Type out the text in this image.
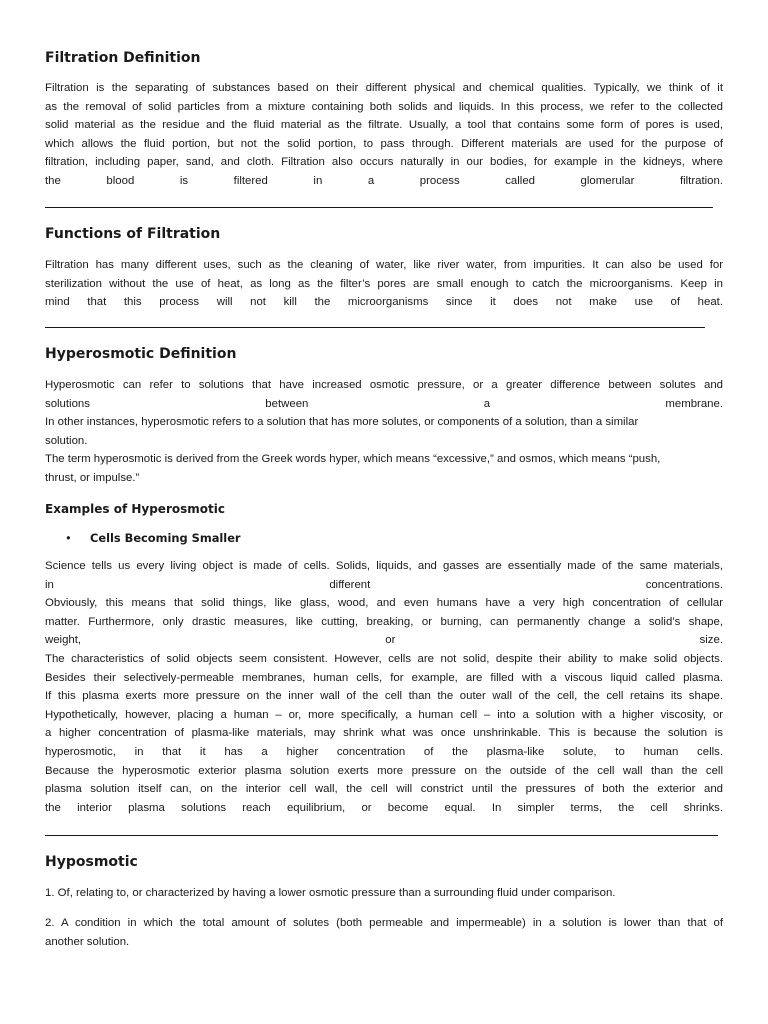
Filtration Definition

Filtration is the separating of substances based on their different physical and chemical qualities. Typically, we think of it

as the removal of solid particles from a mixture containing both solids and liquids. In this process, we refer to the collected

solid material as the residue and the fluid material as the filtrate. Usually, a tool that contains some form of pores is used,

which allows the fluid portion, but not the solid portion, to pass through. Different materials are used for the purpose of

filtration, including paper, sand, and cloth. Filtration also occurs naturally in our bodies, for example in the kidneys, where

the blood is filtered in a process called glomerular filtration.

Functions of Filtration

Filtration has many different uses, such as the cleaning of water, like river water, from impurities. It can also be used for

sterilization without the use of heat, as long as the filter’s pores are small enough to catch the microorganisms. Keep in

mind that this process will not kill the microorganisms since it does not make use of heat.

Hyperosmotic Definition

Hyperosmotic can refer to solutions that have increased osmotic pressure, or a greater difference between solutes and

solutions between a membrane.

In other instances, hyperosmotic refers to a solution that has more solutes, or components of a solution, than a similar

solution.

The term hyperosmotic is derived from the Greek words hyper, which means “excessive,” and osmos, which means “push,

thrust, or impulse.”

Examples of Hyperosmotic

• Cells Becoming Smaller

Science tells us every living object is made of cells. Solids, liquids, and gasses are essentially made of the same materials,

in different concentrations.

Obviously, this means that solid things, like glass, wood, and even humans have a very high concentration of cellular

matter. Furthermore, only drastic measures, like cutting, breaking, or burning, can permanently change a solid’s shape,

weight, or size.

The characteristics of solid objects seem consistent. However, cells are not solid, despite their ability to make solid objects.

Besides their selectively-permeable membranes, human cells, for example, are filled with a viscous liquid called plasma.

If this plasma exerts more pressure on the inner wall of the cell than the outer wall of the cell, the cell retains its shape.

Hypothetically, however, placing a human – or, more specifically, a human cell – into a solution with a higher viscosity, or

a higher concentration of plasma-like materials, may shrink what was once unshrinkable. This is because the solution is

hyperosmotic, in that it has a higher concentration of the plasma-like solute, to human cells.

Because the hyperosmotic exterior plasma solution exerts more pressure on the outside of the cell wall than the cell

plasma solution itself can, on the interior cell wall, the cell will constrict until the pressures of both the exterior and

the interior plasma solutions reach equilibrium, or become equal. In simpler terms, the cell shrinks.

Hyposmotic

1. Of, relating to, or characterized by having a lower osmotic pressure than a surrounding fluid under comparison.

2. A condition in which the total amount of solutes (both permeable and impermeable) in a solution is lower than that of

another solution.
